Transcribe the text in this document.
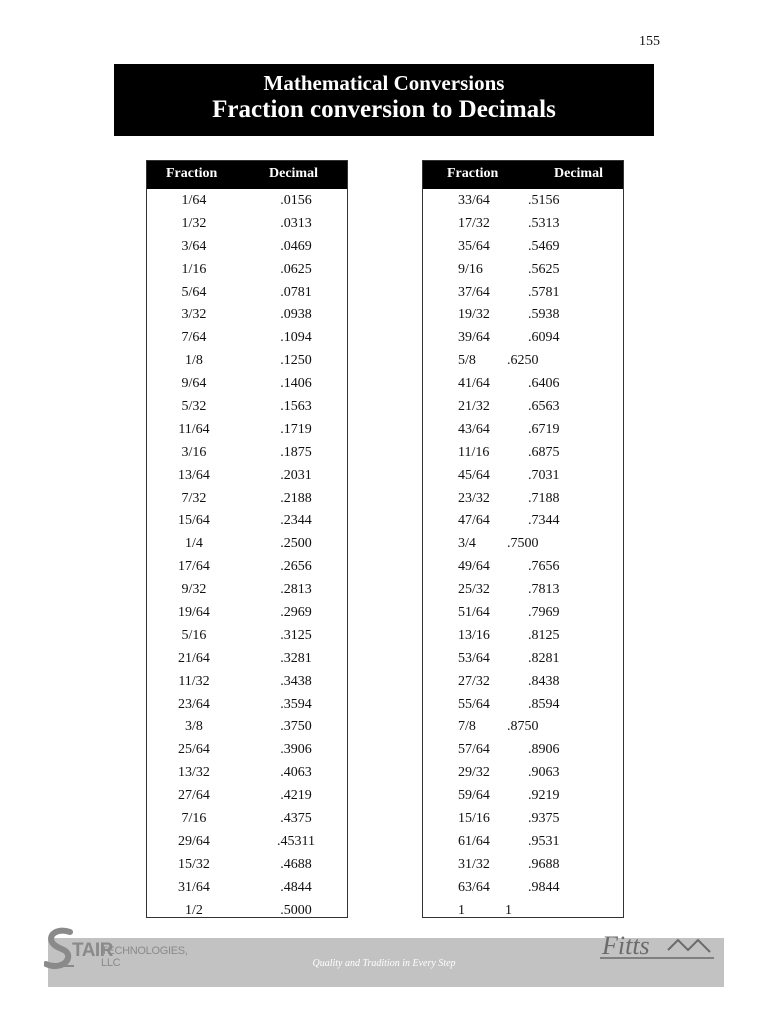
155
Mathematical Conversions
Fraction conversion to Decimals
Fraction	Decimal
1/64	.0156
1/32	.0313
3/64	.0469
1/16	.0625
5/64	.0781
3/32	.0938
7/64	.1094
1/8	.1250
9/64	.1406
5/32	.1563
11/64	.1719
3/16	.1875
13/64	.2031
7/32	.2188
15/64	.2344
1/4	.2500
17/64	.2656
9/32	.2813
19/64	.2969
5/16	.3125
21/64	.3281
11/32	.3438
23/64	.3594
3/8	.3750
25/64	.3906
13/32	.4063
27/64	.4219
7/16	.4375
29/64	.45311
15/32	.4688
31/64	.4844
1/2	.5000
Fraction	Decimal
33/64	.5156
17/32	.5313
35/64	.5469
9/16	.5625
37/64	.5781
19/32	.5938
39/64	.6094
5/8 .6250
41/64	.6406
21/32	.6563
43/64	.6719
11/16	.6875
45/64	.7031
23/32	.7188
47/64	.7344
3/4 .7500
49/64	.7656
25/32	.7813
51/64	.7969
13/16	.8125
53/64	.8281
27/32	.8438
55/64	.8594
7/8 .8750
57/64	.8906
29/32	.9063
59/64	.9219
15/16	.9375
61/64	.9531
31/32	.9688
63/64	.9844
1	1
TAIR
TECHNOLOGIES, LLC	Quality and Tradition in Every Step
Fitts
